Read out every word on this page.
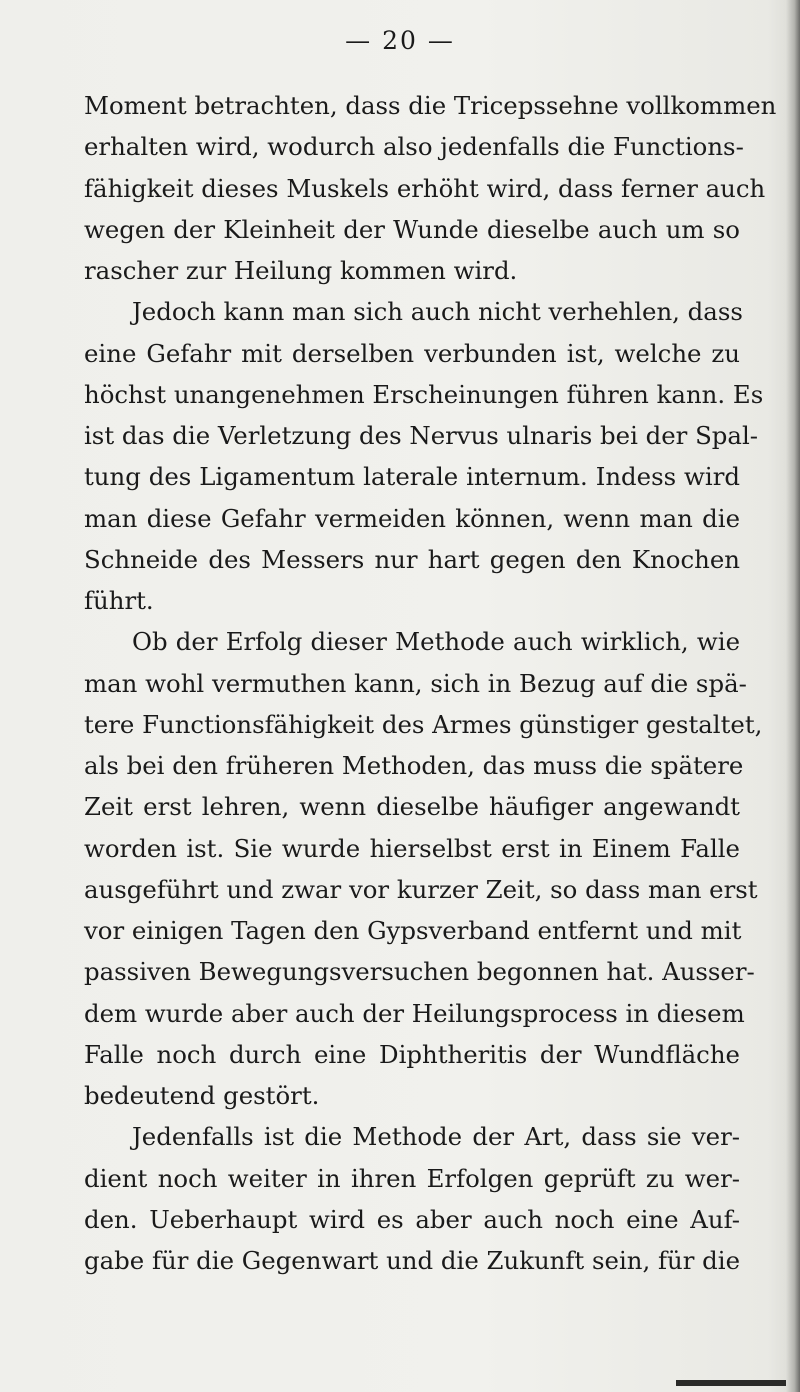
— 20 —
Moment betrachten, dass die Tricepssehne vollkommen
erhalten wird, wodurch also jedenfalls die Functions-
fähigkeit dieses Muskels erhöht wird, dass ferner auch
wegen der Kleinheit der Wunde dieselbe auch um so
rascher zur Heilung kommen wird.
Jedoch kann man sich auch nicht verhehlen, dass
eine Gefahr mit derselben verbunden ist, welche zu
höchst unangenehmen Erscheinungen führen kann. Es
ist das die Verletzung des Nervus ulnaris bei der Spal-
tung des Ligamentum laterale internum. Indess wird
man diese Gefahr vermeiden können, wenn man die
Schneide des Messers nur hart gegen den Knochen
führt.
Ob der Erfolg dieser Methode auch wirklich, wie
man wohl vermuthen kann, sich in Bezug auf die spä-
tere Functionsfähigkeit des Armes günstiger gestaltet,
als bei den früheren Methoden, das muss die spätere
Zeit erst lehren, wenn dieselbe häufiger angewandt
worden ist. Sie wurde hierselbst erst in Einem Falle
ausgeführt und zwar vor kurzer Zeit, so dass man erst
vor einigen Tagen den Gypsverband entfernt und mit
passiven Bewegungsversuchen begonnen hat. Ausser-
dem wurde aber auch der Heilungsprocess in diesem
Falle noch durch eine Diphtheritis der Wundfläche
bedeutend gestört.
Jedenfalls ist die Methode der Art, dass sie ver-
dient noch weiter in ihren Erfolgen geprüft zu wer-
den. Ueberhaupt wird es aber auch noch eine Auf-
gabe für die Gegenwart und die Zukunft sein, für die
